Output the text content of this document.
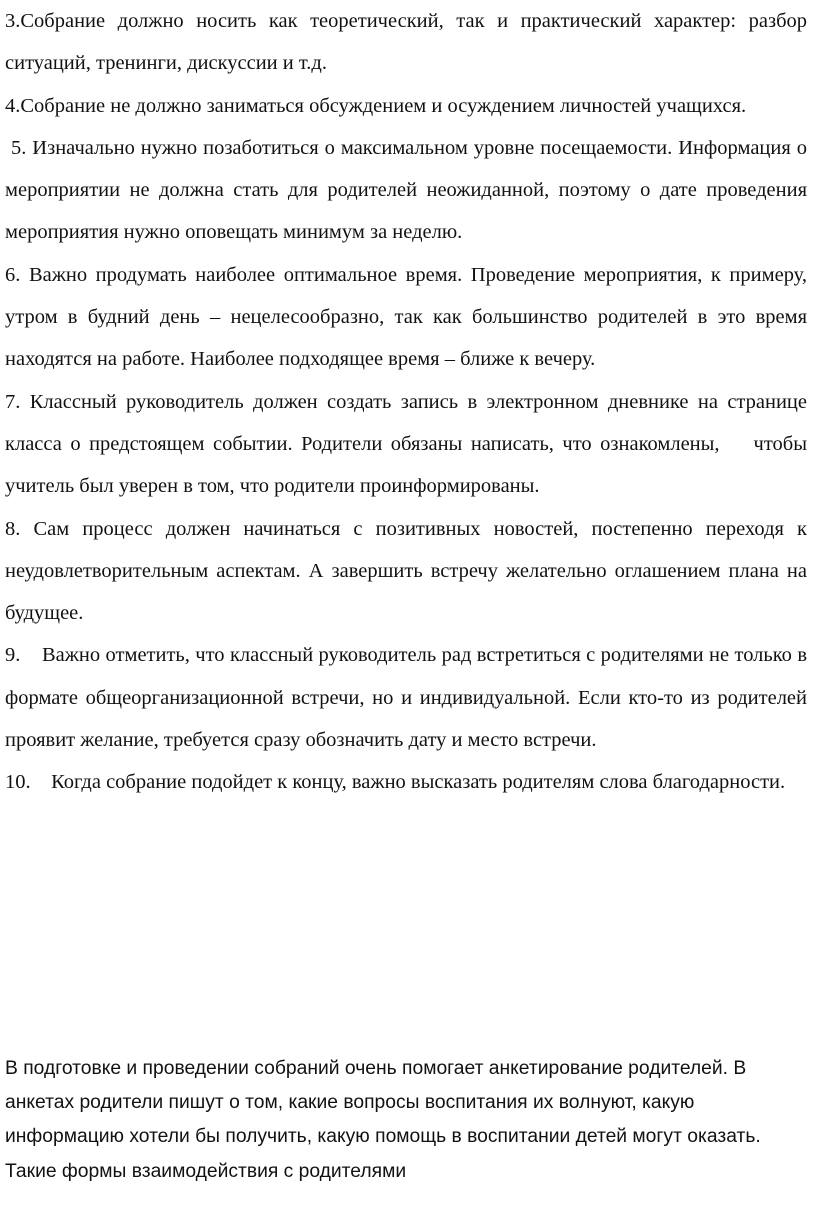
3.Собрание должно носить как теоретический, так и практический характер: разбор ситуаций, тренинги, дискуссии и т.д.

4.Собрание не должно заниматься обсуждением и осуждением личностей учащихся.

5. Изначально нужно позаботиться о максимальном уровне посещаемости. Информация о мероприятии не должна стать для родителей неожиданной, поэтому о дате проведения мероприятия нужно оповещать минимум за неделю.

6. Важно продумать наиболее оптимальное время. Проведение мероприятия, к примеру, утром в будний день – нецелесообразно, так как большинство родителей в это время находятся на работе. Наиболее подходящее время – ближе к вечеру.

7. Классный руководитель должен создать запись в электронном дневнике на странице класса о предстоящем событии. Родители обязаны написать, что ознакомлены,    чтобы учитель был уверен в том, что родители проинформированы.

8. Сам процесс должен начинаться с позитивных новостей, постепенно переходя к неудовлетворительным аспектам. А завершить встречу желательно оглашением плана на будущее.

9.    Важно отметить, что классный руководитель рад встретиться с родителями не только в формате общеорганизационной встречи, но и индивидуальной. Если кто-то из родителей проявит желание, требуется сразу обозначить дату и место встречи.

10.    Когда собрание подойдет к концу, важно высказать родителям слова благодарности.

В подготовке и проведении собраний очень помогает анкетирование родителей. В анкетах родители пишут о том, какие вопросы воспитания их волнуют, какую информацию хотели бы получить, какую помощь в воспитании детей могут оказать. Такие формы взаимодействия с родителями
